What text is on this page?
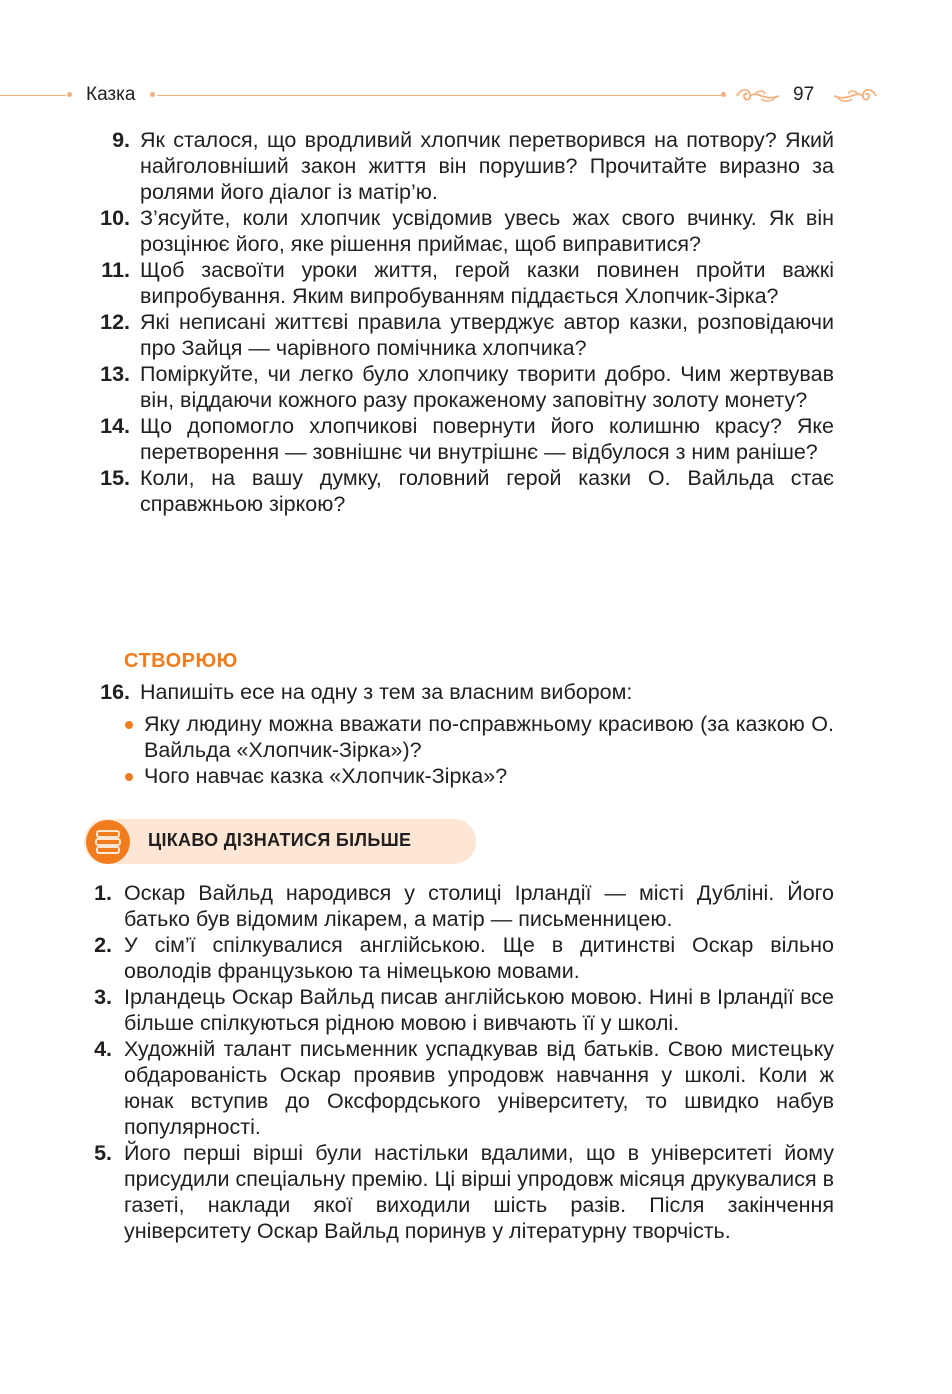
Казка	97
9. Як сталося, що вродливий хлопчик перетворився на потвору? Який найголовніший закон життя він порушив? Прочитайте виразно за ролями його діалог із матір’ю.
10. З’ясуйте, коли хлопчик усвідомив увесь жах свого вчинку. Як він розцінює його, яке рішення приймає, щоб виправитися?
11. Щоб засвоїти уроки життя, герой казки повинен пройти важкі випробування. Яким випробуванням піддається Хлопчик-Зірка?
12. Які неписані життєві правила утверджує автор казки, розповідаючи про Зайця — чарівного помічника хлопчика?
13. Поміркуйте, чи легко було хлопчику творити добро. Чим жертвував він, віддаючи кожного разу прокаженому заповітну золоту монету?
14. Що допомогло хлопчикові повернути його колишню красу? Яке перетворення — зовнішнє чи внутрішнє — відбулося з ним раніше?
15. Коли, на вашу думку, головний герой казки О. Вайльда стає справжньою зіркою?
СТВОРЮЮ
16. Напишіть есе на одну з тем за власним вибором:
Яку людину можна вважати по-справжньому красивою (за казкою О. Вайльда «Хлопчик-Зірка»)?
Чого навчає казка «Хлопчик-Зірка»?
ЦІКАВО ДІЗНАТИСЯ БІЛЬШЕ
1. Оскар Вайльд народився у столиці Ірландії — місті Дубліні. Його батько був відомим лікарем, а матір — письменницею.
2. У сім’ї спілкувалися англійською. Ще в дитинстві Оскар вільно оволодів французькою та німецькою мовами.
3. Ірландець Оскар Вайльд писав англійською мовою. Нині в Ірландії все більше спілкуються рідною мовою і вивчають її у школі.
4. Художній талант письменник успадкував від батьків. Свою мистецьку обдарованість Оскар проявив упродовж навчання у школі. Коли ж юнак вступив до Оксфордського університету, то швидко набув популярності.
5. Його перші вірші були настільки вдалими, що в університеті йому присудили спеціальну премію. Ці вірші упродовж місяця друкувалися в газеті, наклади якої виходили шість разів. Після закінчення університету Оскар Вайльд поринув у літературну творчість.
